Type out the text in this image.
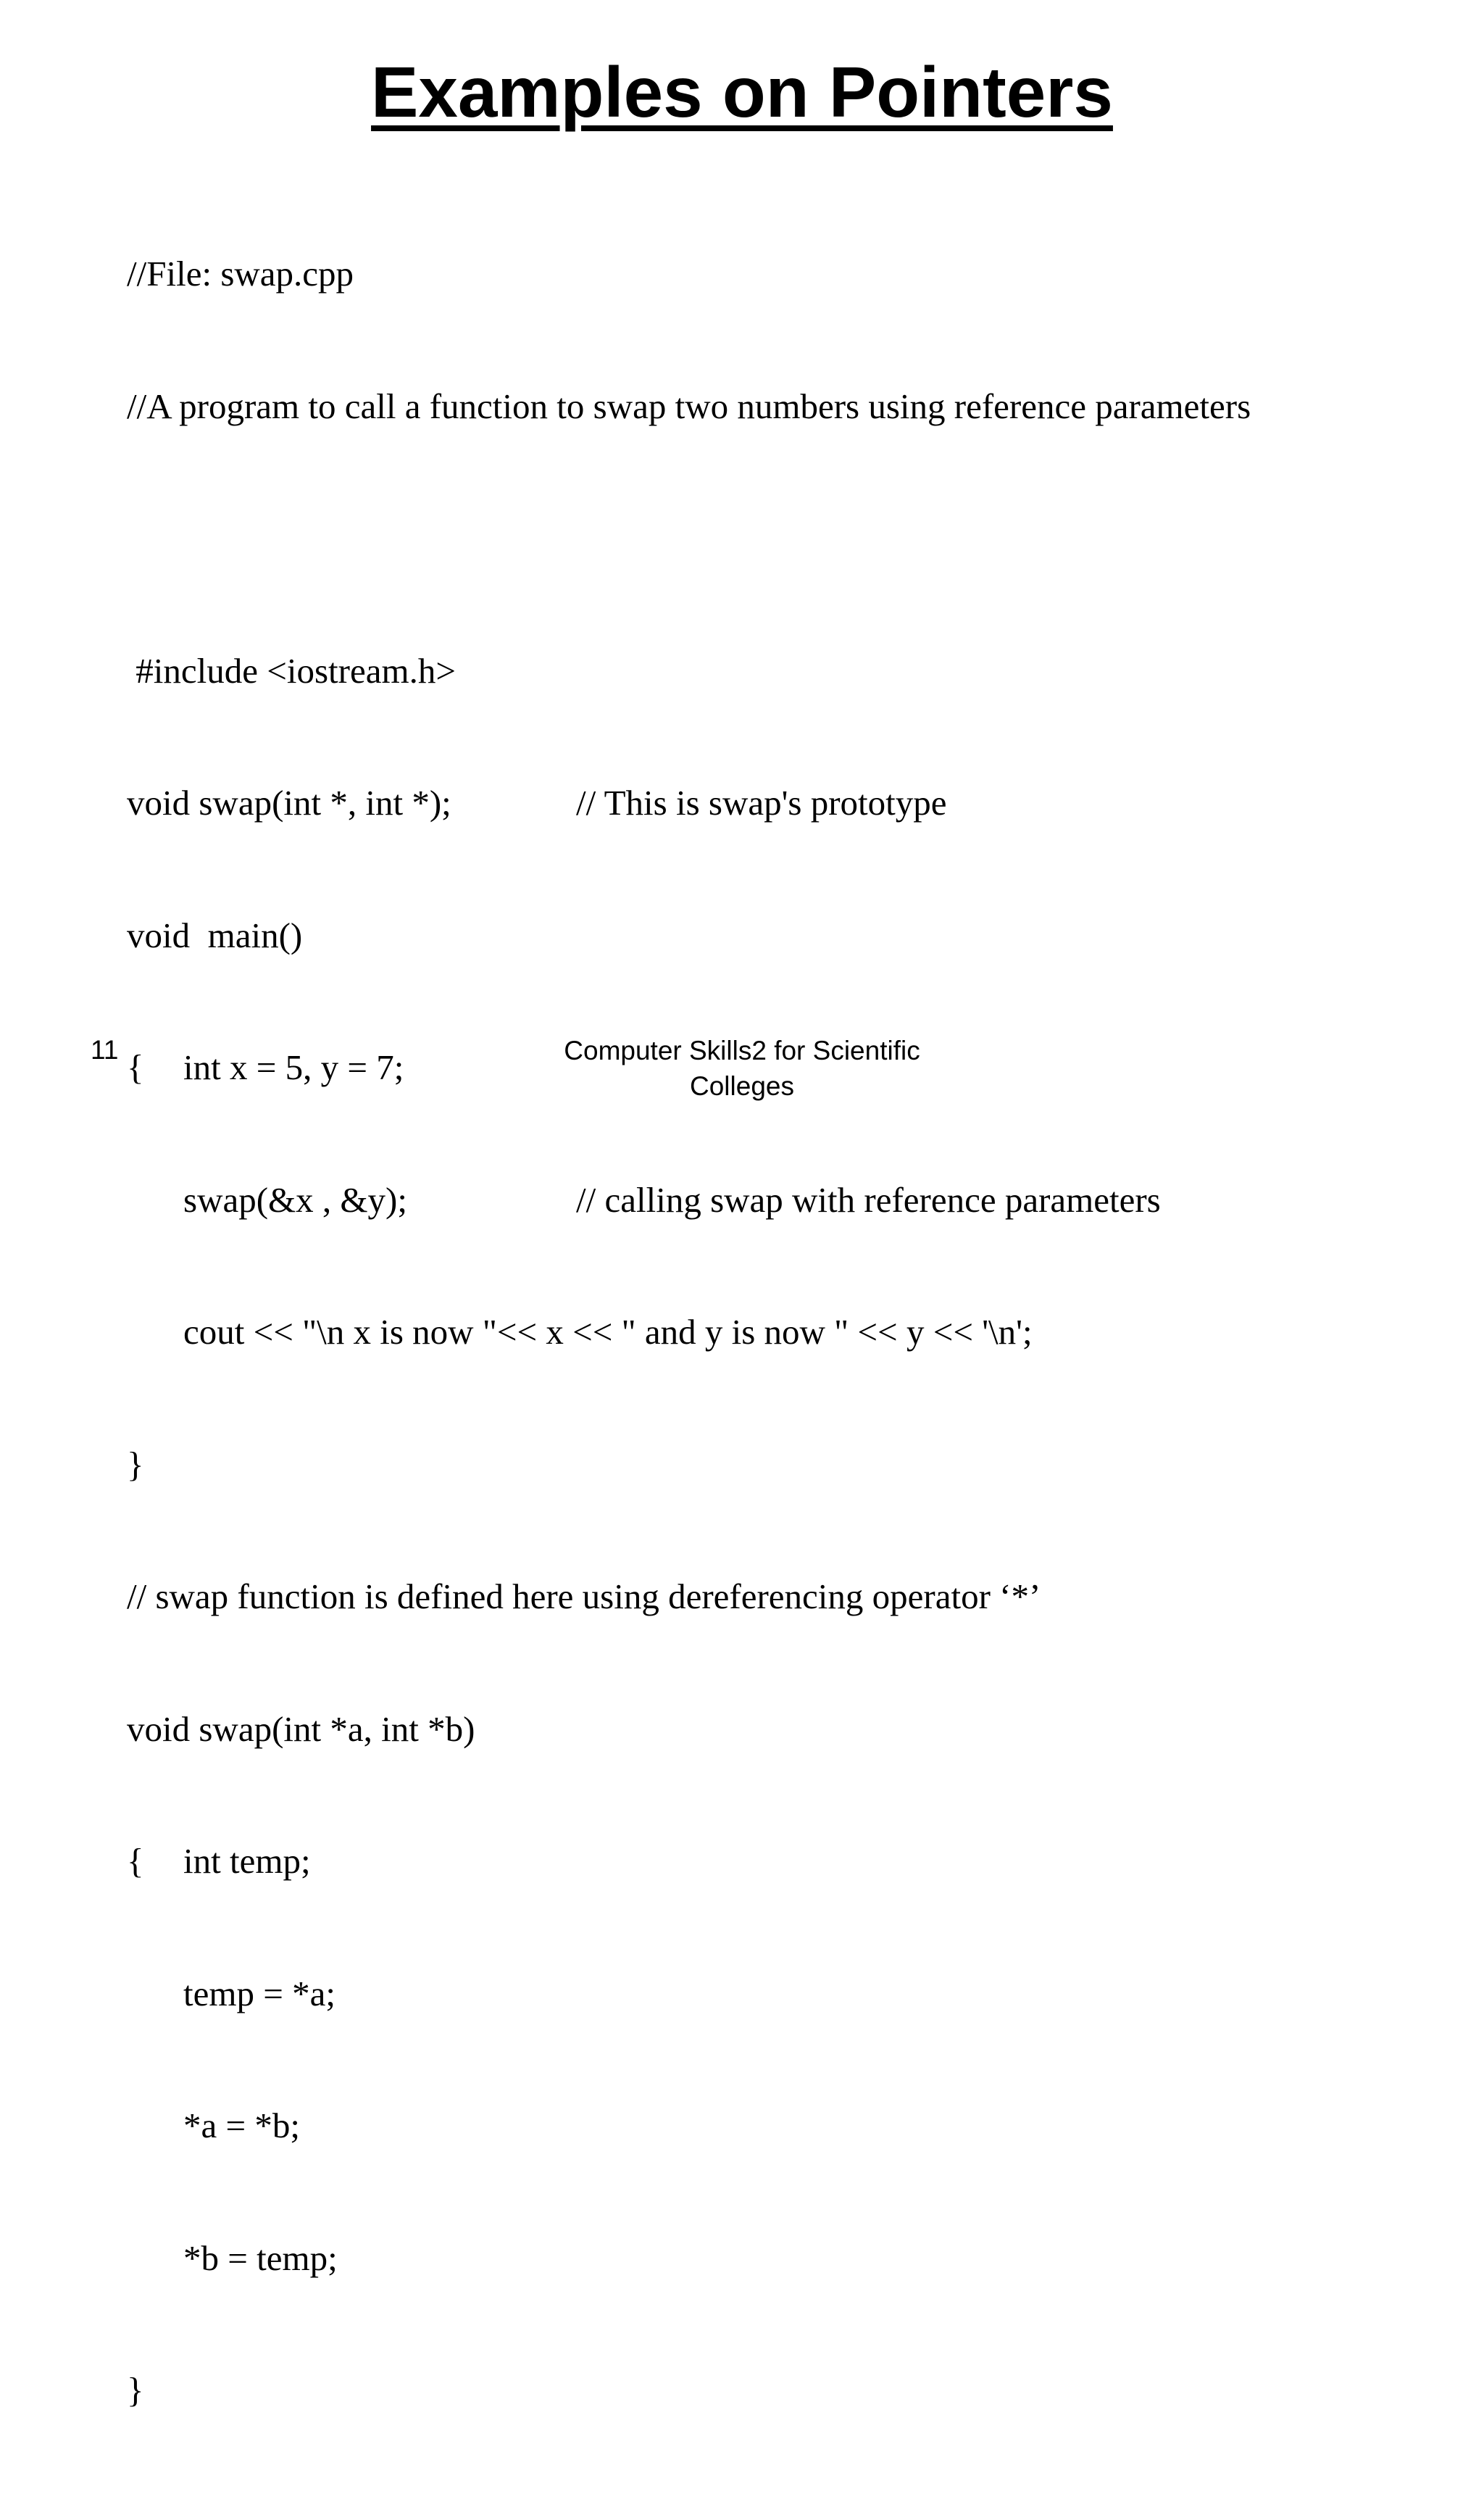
Examples on Pointers

//File: swap.cpp

//A program to call a function to swap two numbers using reference parameters

#include <iostream.h>

void swap(int *, int *);

	// This is swap's prototype

void  main()

{

int x = 5, y = 7;

swap(&x , &y);

	// calling swap with reference parameters

cout << "\n x is now "<< x << " and y is now " << y << '\n';

}

// swap function is defined here using dereferencing operator ‘*’

void swap(int *a, int *b)

{

int temp;

temp = *a;

*a = *b;

*b = temp;

}

11	Computer Skills2 for Scientific
Colleges
